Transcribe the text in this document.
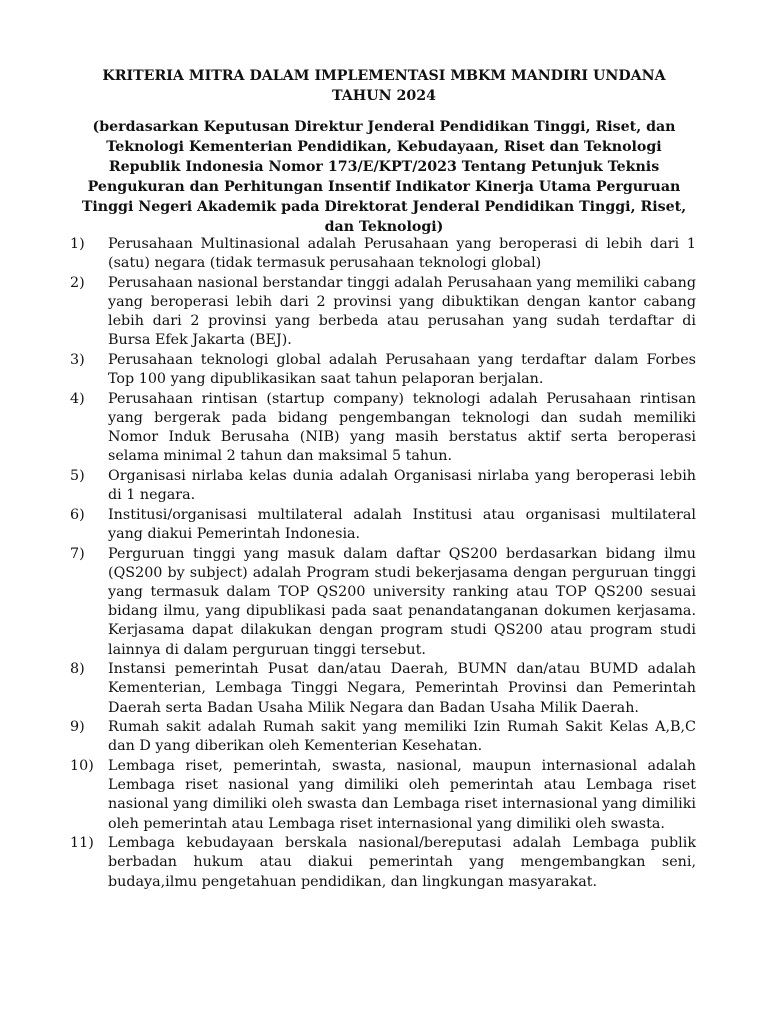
KRITERIA MITRA DALAM IMPLEMENTASI MBKM MANDIRI UNDANA
TAHUN 2024
(berdasarkan Keputusan Direktur Jenderal Pendidikan Tinggi, Riset, dan Teknologi Kementerian Pendidikan, Kebudayaan, Riset dan Teknologi Republik Indonesia Nomor 173/E/KPT/2023 Tentang Petunjuk Teknis Pengukuran dan Perhitungan Insentif Indikator Kinerja Utama Perguruan Tinggi Negeri Akademik pada Direktorat Jenderal Pendidikan Tinggi, Riset, dan Teknologi)
1)	Perusahaan Multinasional adalah Perusahaan yang beroperasi di lebih dari 1 (satu) negara (tidak termasuk perusahaan teknologi global)
2)	Perusahaan nasional berstandar tinggi adalah Perusahaan yang memiliki cabang yang beroperasi lebih dari 2 provinsi yang dibuktikan dengan kantor cabang lebih dari 2 provinsi yang berbeda atau perusahan yang sudah terdaftar di Bursa Efek Jakarta (BEJ).
3)	Perusahaan teknologi global adalah Perusahaan yang terdaftar dalam Forbes Top 100 yang dipublikasikan saat tahun pelaporan berjalan.
4)	Perusahaan rintisan (startup company) teknologi adalah Perusahaan rintisan yang bergerak pada bidang pengembangan teknologi dan sudah memiliki Nomor Induk Berusaha (NIB) yang masih berstatus aktif serta beroperasi selama minimal 2 tahun dan maksimal 5 tahun.
5)	Organisasi nirlaba kelas dunia adalah Organisasi nirlaba yang beroperasi lebih di 1 negara.
6)	Institusi/organisasi multilateral adalah Institusi atau organisasi multilateral yang diakui Pemerintah Indonesia.
7)	Perguruan tinggi yang masuk dalam daftar QS200 berdasarkan bidang ilmu (QS200 by subject) adalah Program studi bekerjasama dengan perguruan tinggi yang termasuk dalam TOP QS200 university ranking atau TOP QS200 sesuai bidang ilmu, yang dipublikasi pada saat penandatanganan dokumen kerjasama. Kerjasama dapat dilakukan dengan program studi QS200 atau program studi lainnya di dalam perguruan tinggi tersebut.
8)	Instansi pemerintah Pusat dan/atau Daerah, BUMN dan/atau BUMD adalah Kementerian, Lembaga Tinggi Negara, Pemerintah Provinsi dan Pemerintah Daerah serta Badan Usaha Milik Negara dan Badan Usaha Milik Daerah.
9)	Rumah sakit adalah Rumah sakit yang memiliki Izin Rumah Sakit Kelas A,B,C dan D yang diberikan oleh Kementerian Kesehatan.
10) Lembaga riset, pemerintah, swasta, nasional, maupun internasional adalah Lembaga riset nasional yang dimiliki oleh pemerintah atau Lembaga riset nasional yang dimiliki oleh swasta dan Lembaga riset internasional yang dimiliki oleh pemerintah atau Lembaga riset internasional yang dimiliki oleh swasta.
11) Lembaga kebudayaan berskala nasional/bereputasi adalah Lembaga publik berbadan hukum atau diakui pemerintah yang mengembangkan seni, budaya,ilmu pengetahuan pendidikan, dan lingkungan masyarakat.
